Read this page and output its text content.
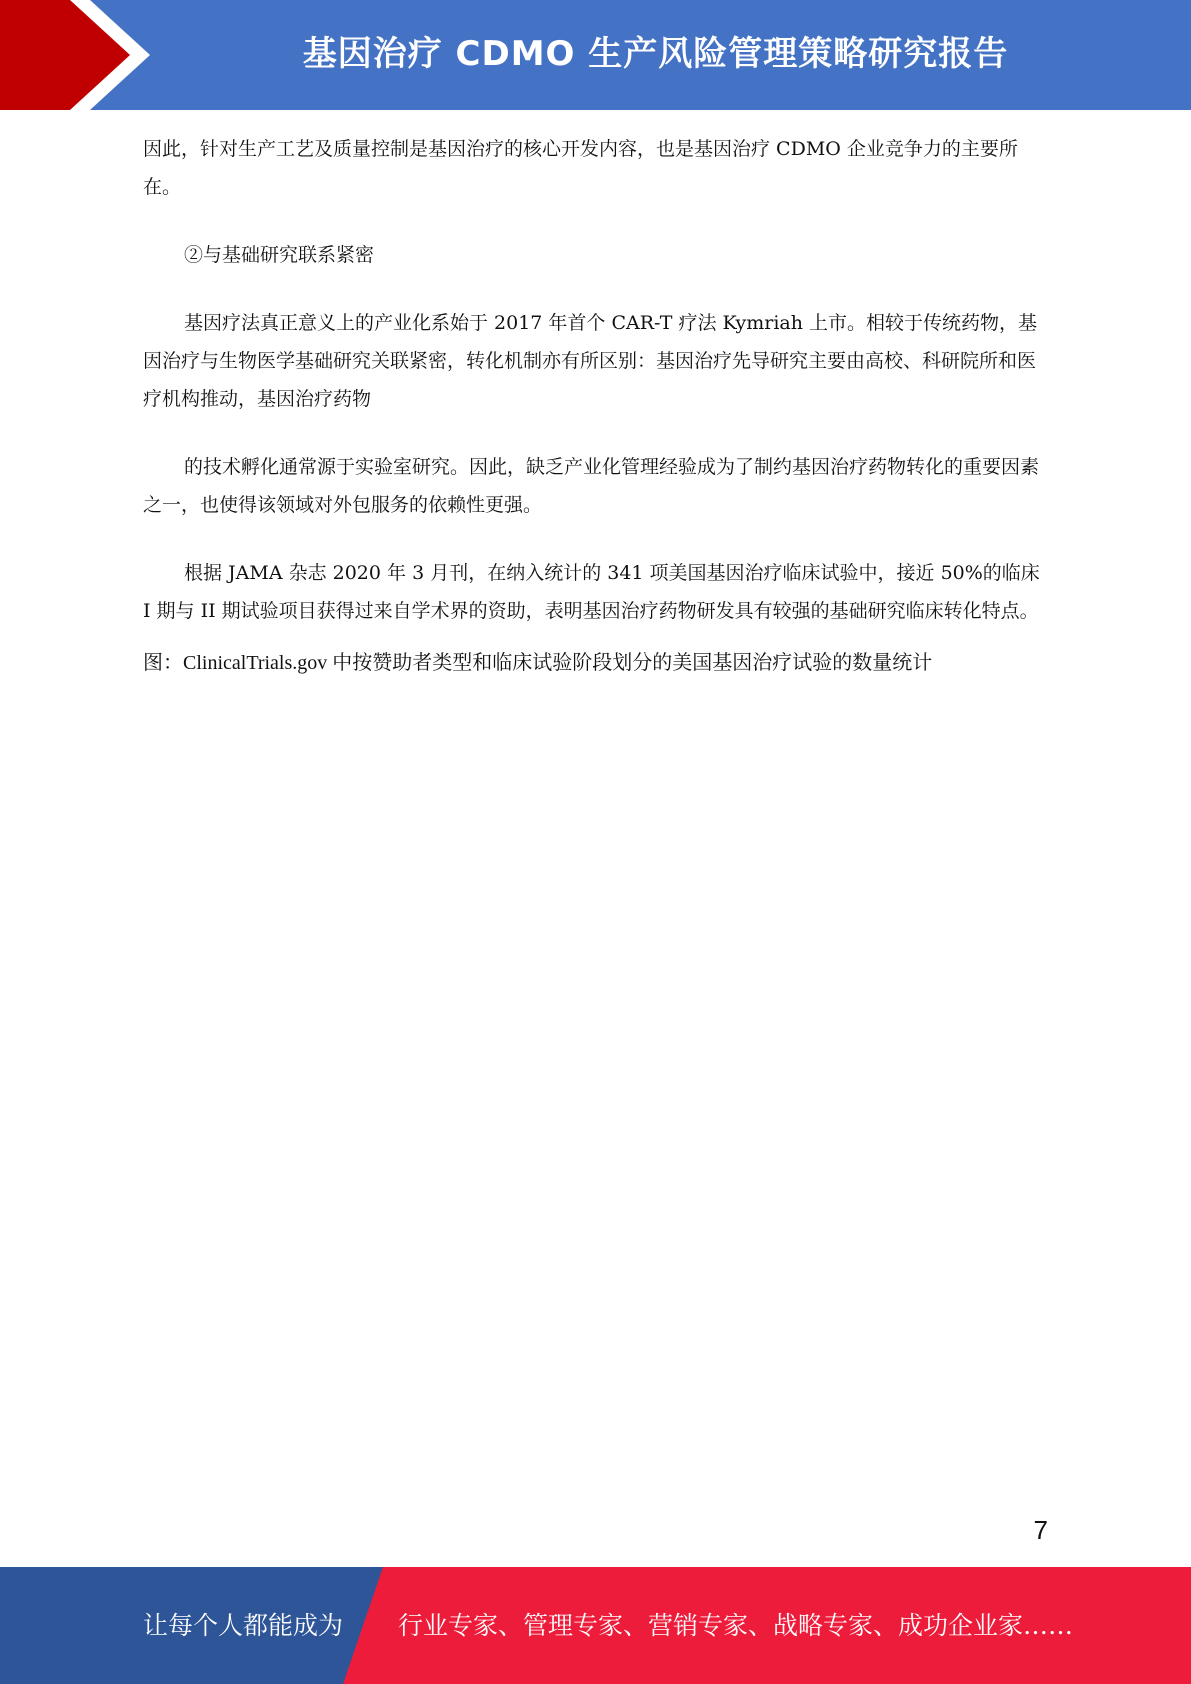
基因治疗 CDMO 生产风险管理策略研究报告

因此，针对生产工艺及质量控制是基因治疗的核心开发内容，也是基因治疗 CDMO 企业竞争力的主要所在。

②与基础研究联系紧密

基因疗法真正意义上的产业化系始于 2017 年首个 CAR-T 疗法 Kymriah 上市。相较于传统药物，基因治疗与生物医学基础研究关联紧密，转化机制亦有所区别：基因治疗先导研究主要由高校、科研院所和医疗机构推动，基因治疗药物

的技术孵化通常源于实验室研究。因此，缺乏产业化管理经验成为了制约基因治疗药物转化的重要因素之一，也使得该领域对外包服务的依赖性更强。

根据 JAMA 杂志 2020 年 3 月刊，在纳入统计的 341 项美国基因治疗临床试验中，接近 50%的临床 I 期与 II 期试验项目获得过来自学术界的资助，表明基因治疗药物研发具有较强的基础研究临床转化特点。

图：ClinicalTrials.gov 中按赞助者类型和临床试验阶段划分的美国基因治疗试验的数量统计

7
让每个人都能成为 行业专家、管理专家、营销专家、战略专家、成功企业家……
